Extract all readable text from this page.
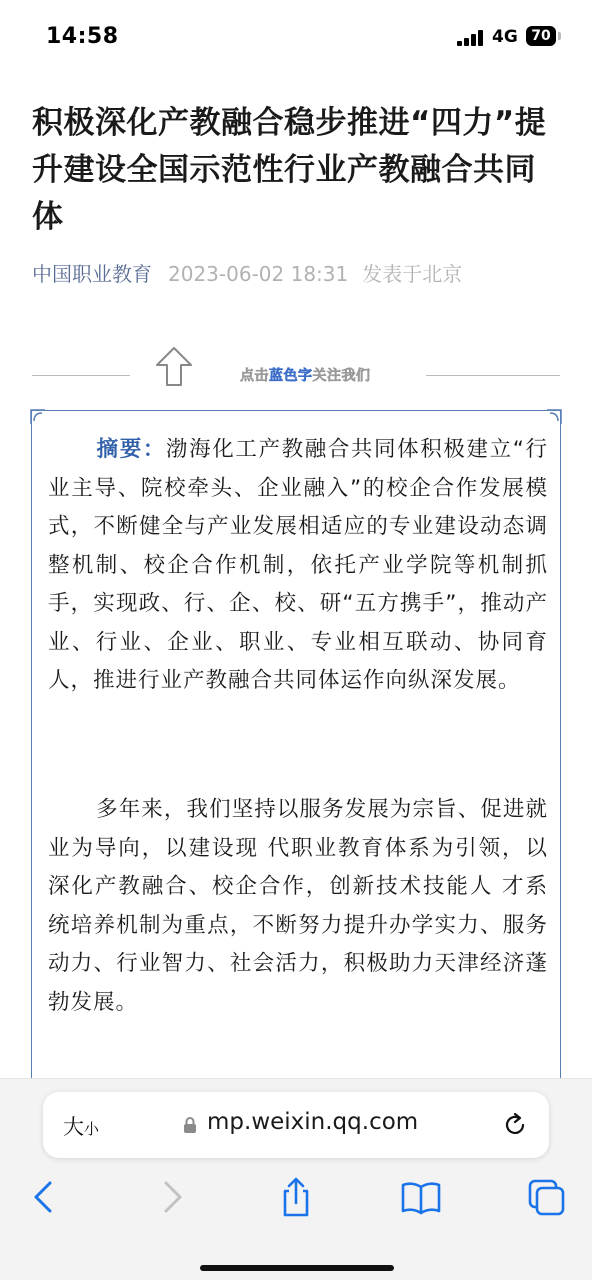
14:58	4G 70
积极深化产教融合稳步推进“四力”提升建设全国示范性行业产教融合共同体
中国职业教育 2023-06-02 18:31 发表于北京
点击蓝色字关注我们

摘要：渤海化工产教融合共同体积极建立“行业主导、院校牵头、企业融入”的校企合作发展模式，不断健全与产业发展相适应的专业建设动态调整机制、校企合作机制，依托产业学院等机制抓手，实现政、行、企、校、研“五方携手”，推动产业、行业、企业、职业、专业相互联动、协同育人，推进行业产教融合共同体运作向纵深发展。

多年来，我们坚持以服务发展为宗旨、促进就业为导向，以建设现 代职业教育体系为引领，以深化产教融合、校企合作，创新技术技能人 才系统培养机制为重点，不断努力提升办学实力、服务动力、行业智力、社会活力，积极助力天津经济蓬勃发展。

大小	mp.weixin.qq.com
